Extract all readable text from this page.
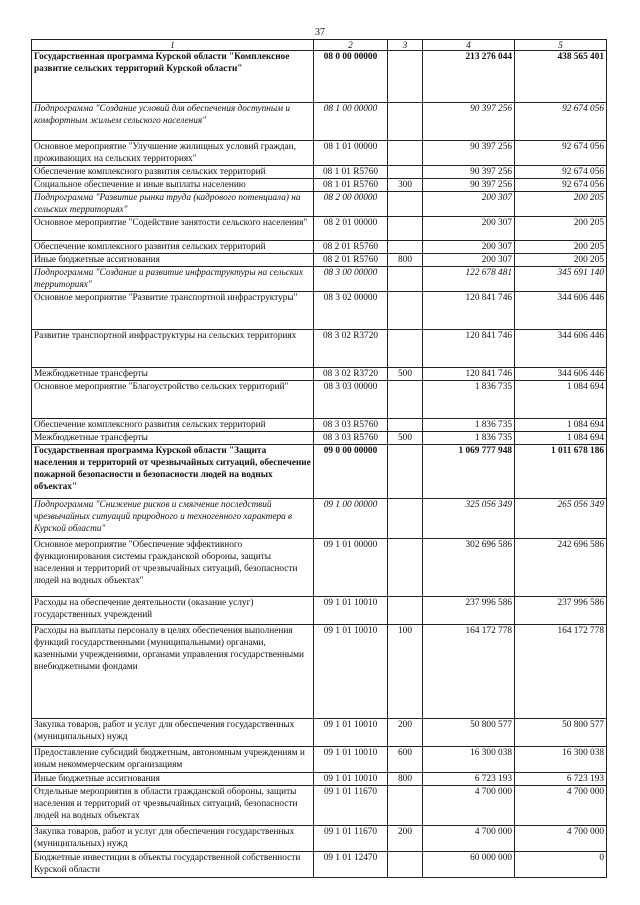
37
1	2	3	4	5
Государственная программа Курской области "Комплексное развитие сельских территорий Курской области"	08 0 00 00000		213 276 044	438 565 401
Подпрограмма "Создание условий для обеспечения доступным и комфортным жильем сельского населения"	08 1 00 00000		90 397 256	92 674 056
Основное мероприятие "Улучшение жилищных условий граждан, проживающих на сельских территориях"	08 1 01 00000		90 397 256	92 674 056
Обеспечение комплексного развития сельских территорий	08 1 01 R5760		90 397 256	92 674 056
Социальное обеспечение и иные выплаты населению	08 1 01 R5760	300	90 397 256	92 674 056
Подпрограмма "Развитие рынка труда (кадрового потенциала) на сельских территориях"	08 2 00 00000		200 307	200 205
Основное мероприятие "Содействие занятости сельского населения"	08 2 01 00000		200 307	200 205
Обеспечение комплексного развития сельских территорий	08 2 01 R5760		200 307	200 205
Иные бюджетные ассигнования	08 2 01 R5760	800	200 307	200 205
Подпрограмма "Создание и развитие инфраструктуры на сельских территориях"	08 3 00 00000		122 678 481	345 691 140
Основное мероприятие "Развитие транспортной инфраструктуры"	08 3 02 00000		120 841 746	344 606 446
Развитие транспортной инфраструктуры на сельских территориях	08 3 02 R3720		120 841 746	344 606 446
Межбюджетные трансферты	08 3 02 R3720	500	120 841 746	344 606 446
Основное мероприятие "Благоустройство сельских территорий"	08 3 03 00000		1 836 735	1 084 694
Обеспечение комплексного развития сельских территорий	08 3 03 R5760		1 836 735	1 084 694
Межбюджетные трансферты	08 3 03 R5760	500	1 836 735	1 084 694
Государственная программа Курской области "Защита населения и территорий от чрезвычайных ситуаций, обеспечение пожарной безопасности и безопасности людей на водных объектах"	09 0 00 00000		1 069 777 948	1 011 678 186
Подпрограмма "Снижение рисков и смягчение последствий чрезвычайных ситуаций природного и техногенного характера в Курской области"	09 1 00 00000		325 056 349	265 056 349
Основное мероприятие "Обеспечение эффективного функционирования системы гражданской обороны, защиты населения и территорий от чрезвычайных ситуаций, безопасности людей на водных объектах"	09 1 01 00000		302 696 586	242 696 586
Расходы на обеспечение деятельности (оказание услуг) государственных учреждений	09 1 01 10010		237 996 586	237 996 586
Расходы на выплаты персоналу в целях обеспечения выполнения функций государственными (муниципальными) органами, казенными учреждениями, органами управления государственными внебюджетными фондами	09 1 01 10010	100	164 172 778	164 172 778
Закупка товаров, работ и услуг для обеспечения государственных (муниципальных) нужд	09 1 01 10010	200	50 800 577	50 800 577
Предоставление субсидий бюджетным, автономным учреждениям и иным некоммерческим организациям	09 1 01 10010	600	16 300 038	16 300 038
Иные бюджетные ассигнования	09 1 01 10010	800	6 723 193	6 723 193
Отдельные мероприятия в области гражданской обороны, защиты населения и территорий от чрезвычайных ситуаций, безопасности людей на водных объектах	09 1 01 11670		4 700 000	4 700 000
Закупка товаров, работ и услуг для обеспечения государственных (муниципальных) нужд	09 1 01 11670	200	4 700 000	4 700 000
Бюджетные инвестиции в объекты государственной собственности Курской области	09 1 01 12470		60 000 000	0
